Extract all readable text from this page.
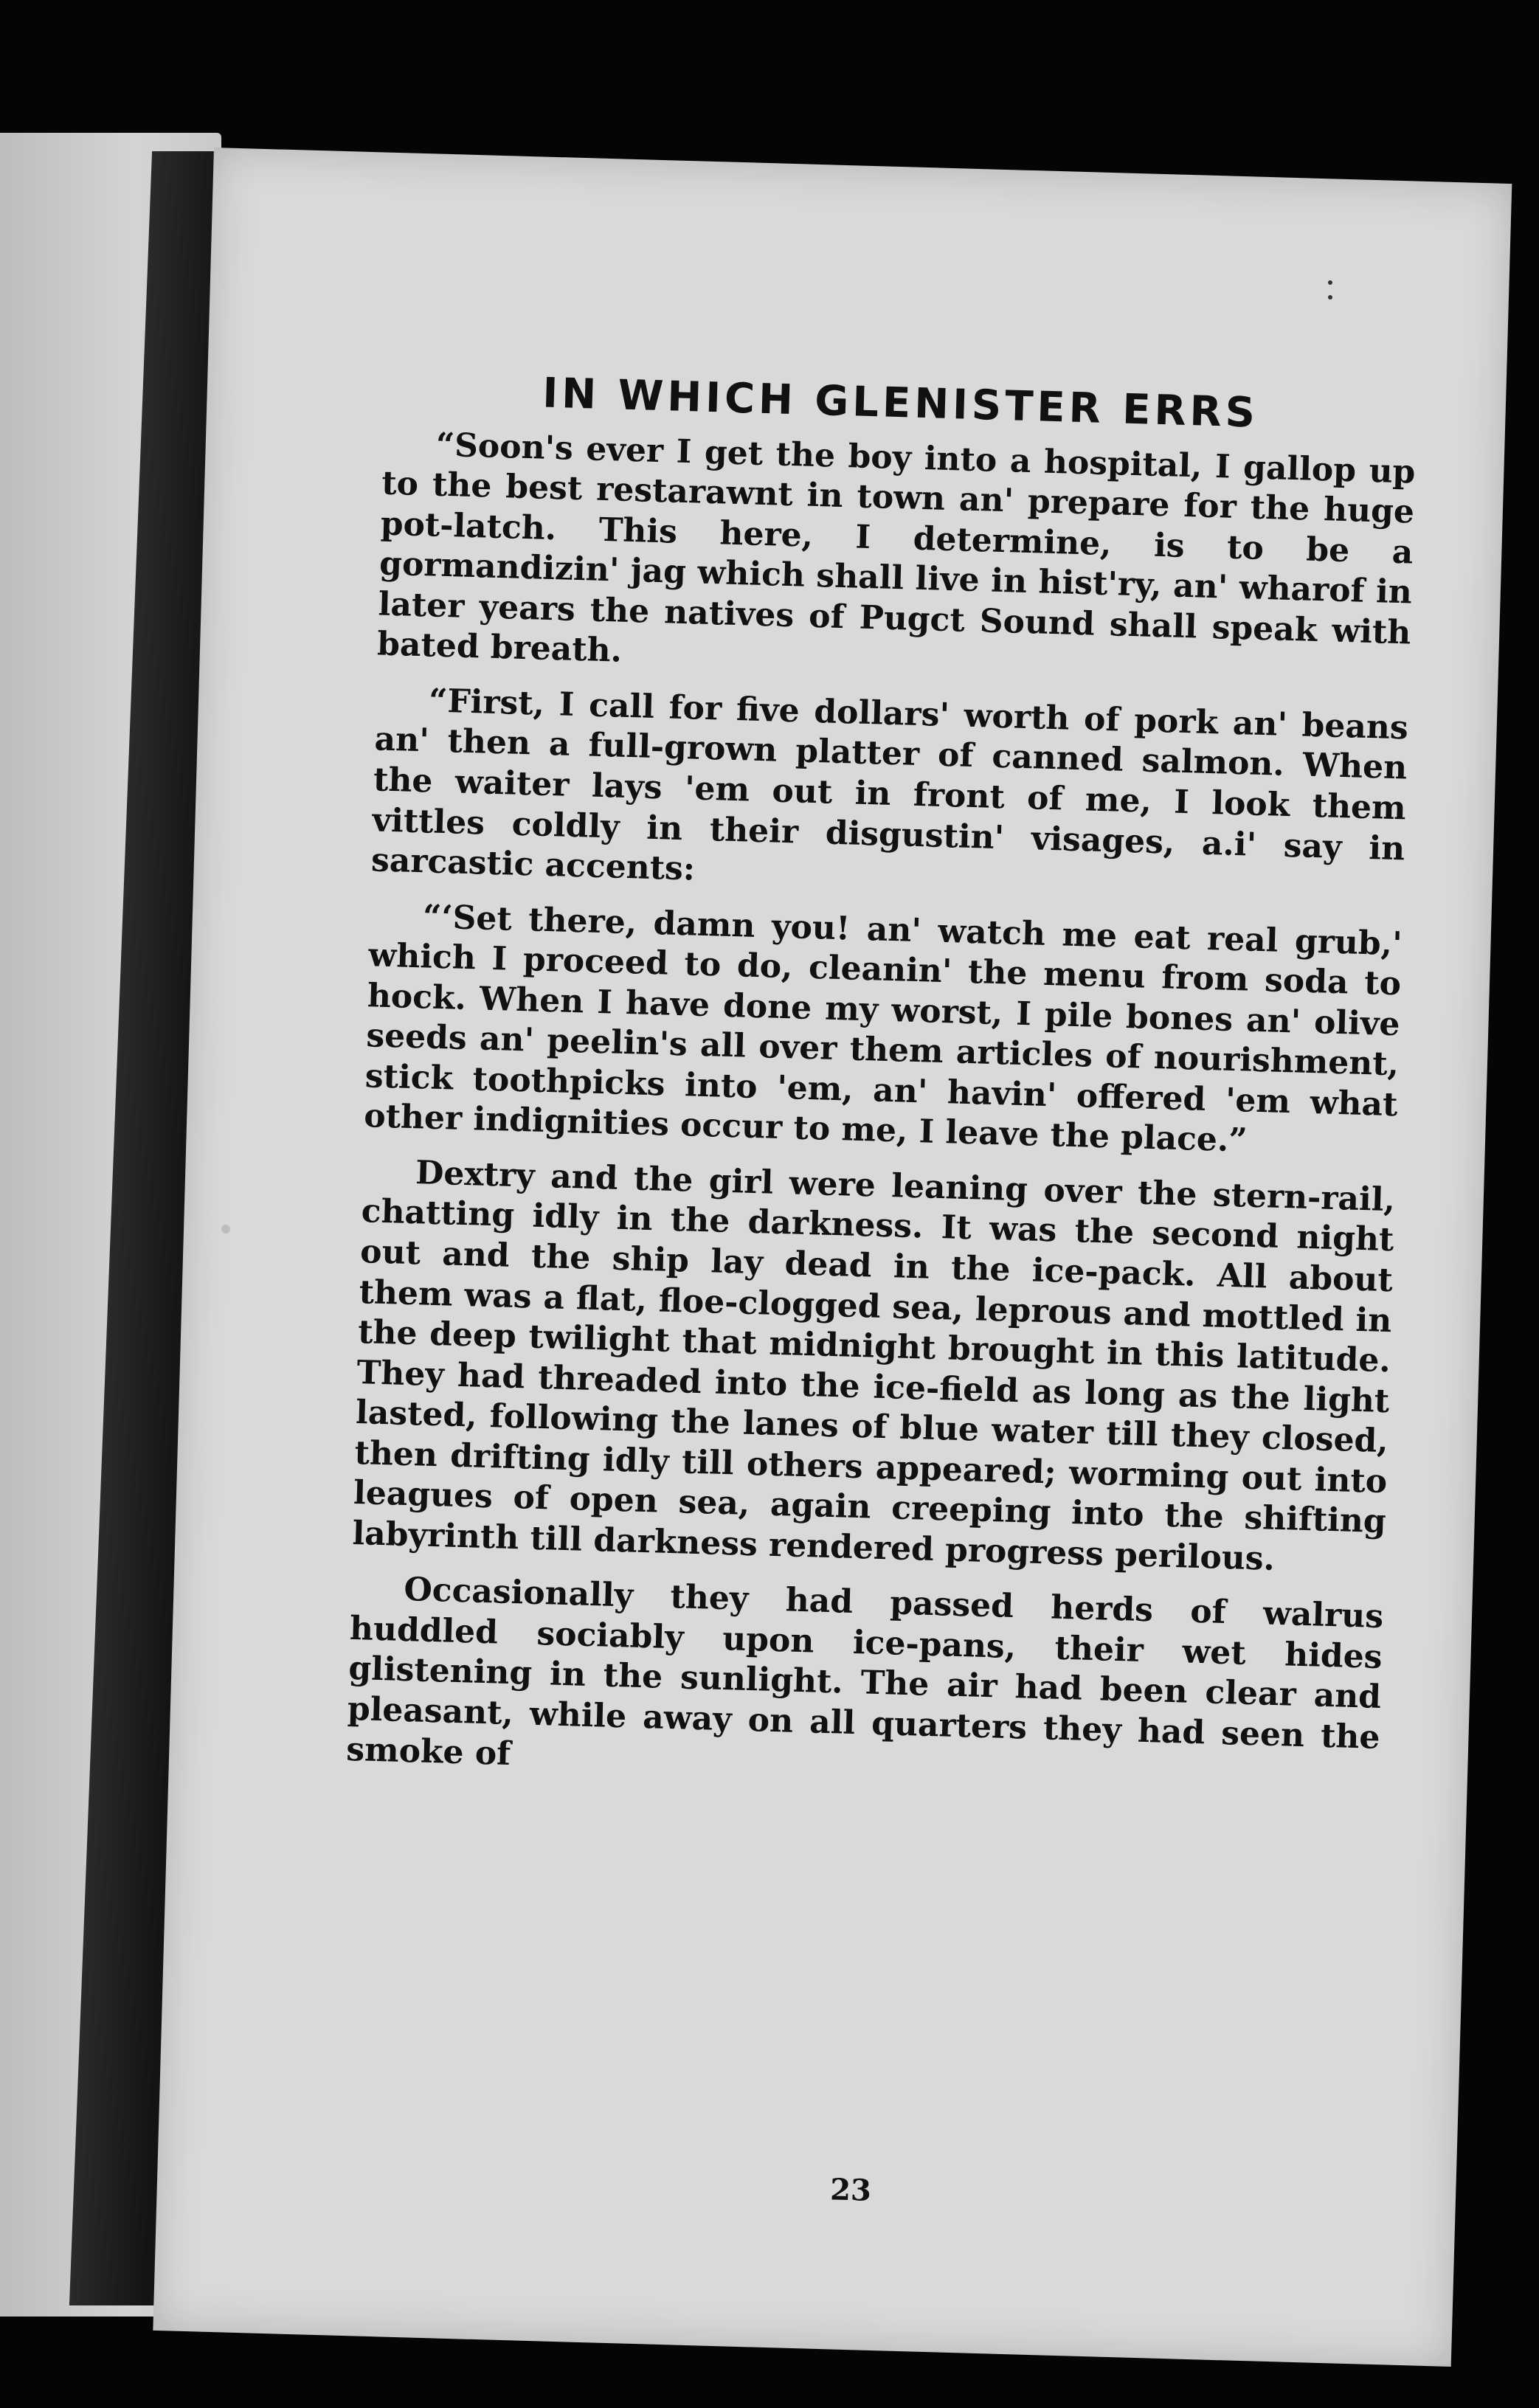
IN WHICH GLENISTER ERRS

“Soon's ever I get the boy into a hospital, I gallop up to the best restarawnt in town an' prepare for the huge pot-latch. This here, I determine, is to be a gormandizin' jag which shall live in hist'ry, an' wharof in later years the natives of Pugct Sound shall speak with bated breath.

“First, I call for five dollars' worth of pork an' beans an' then a full-grown platter of canned salmon. When the waiter lays 'em out in front of me, I look them vittles coldly in their disgustin' visages, a.i' say in sarcastic accents:

“‘Set there, damn you! an' watch me eat real grub,' which I proceed to do, cleanin' the menu from soda to hock. When I have done my worst, I pile bones an' olive seeds an' peelin's all over them articles of nourishment, stick toothpicks into 'em, an' havin' offered 'em what other indignities occur to me, I leave the place.”

Dextry and the girl were leaning over the stern-rail, chatting idly in the darkness. It was the second night out and the ship lay dead in the ice-pack. All about them was a flat, floe-clogged sea, leprous and mottled in the deep twilight that midnight brought in this latitude. They had threaded into the ice-field as long as the light lasted, following the lanes of blue water till they closed, then drifting idly till others appeared; worming out into leagues of open sea, again creeping into the shifting labyrinth till darkness rendered progress perilous.

Occasionally they had passed herds of walrus huddled sociably upon ice-pans, their wet hides glistening in the sunlight. The air had been clear and pleasant, while away on all quarters they had seen the smoke of

23
